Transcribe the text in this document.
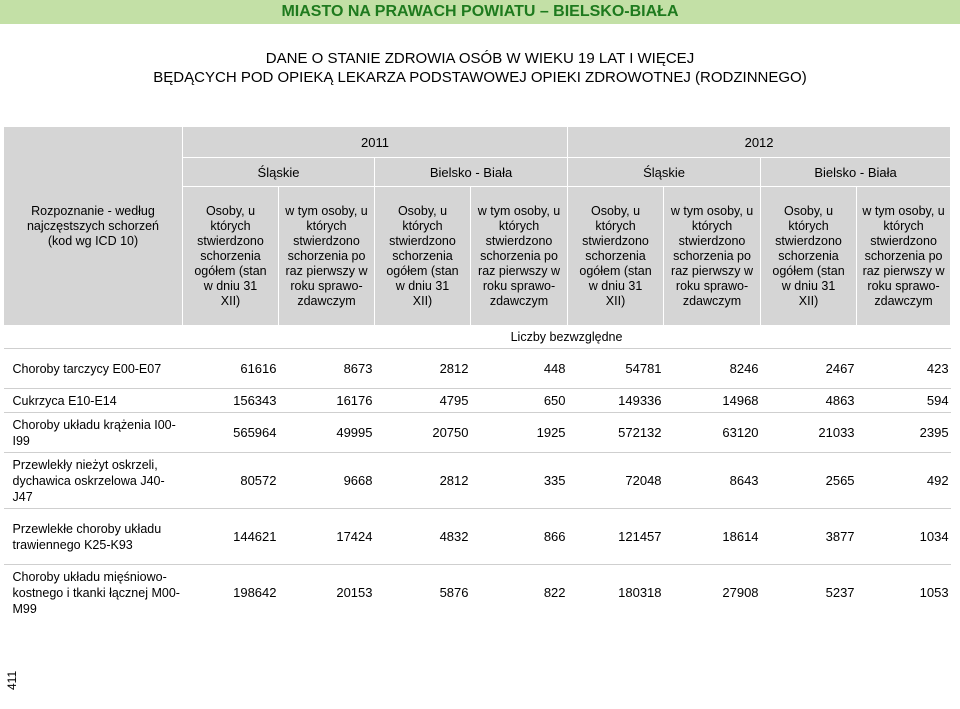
MIASTO NA PRAWACH POWIATU – BIELSKO-BIAŁA
DANE O STANIE ZDROWIA OSÓB W WIEKU 19 LAT I WIĘCEJ
BĘDĄCYCH POD OPIEKĄ LEKARZA PODSTAWOWEJ OPIEKI ZDROWOTNEJ (RODZINNEGO)
Rozpoznanie - według najczęstszych schorzeń (kod wg ICD 10)	2011				2012			
	Śląskie		Bielsko - Biała		Śląskie		Bielsko - Biała	

	Osoby, u których stwierdzono schorzenia ogółem (stan w dniu 31 XII)	w tym osoby, u których stwierdzono schorzenia po raz pierwszy w roku sprawo- zdawczym	Osoby, u których stwierdzono schorzenia ogółem (stan w dniu 31 XII)	w tym osoby, u których stwierdzono schorzenia po raz pierwszy w roku sprawo- zdawczym	Osoby, u których stwierdzono schorzenia ogółem (stan w dniu 31 XII)	w tym osoby, u których stwierdzono schorzenia po raz pierwszy w roku sprawo- zdawczym	Osoby, u których stwierdzono schorzenia ogółem (stan w dniu 31 XII)	w tym osoby, u których stwierdzono schorzenia po raz pierwszy w roku sprawo- zdawczym

	Liczby bezwzględne							
Choroby tarczycy E00-E07	61616	8673	2812	448	54781	8246	2467	423
Cukrzyca E10-E14	156343	16176	4795	650	149336	14968	4863	594
Choroby układu krążenia I00-I99	565964	49995	20750	1925	572132	63120	21033	2395
Przewlekły nieżyt oskrzeli, dychawica oskrzelowa J40-J47	80572	9668	2812	335	72048	8643	2565	492
Przewlekłe choroby układu trawiennego K25-K93	144621	17424	4832	866	121457	18614	3877	1034
Choroby układu mięśniowo- kostnego i tkanki łącznej M00-M99	198642	20153	5876	822	180318	27908	5237	1053
411
